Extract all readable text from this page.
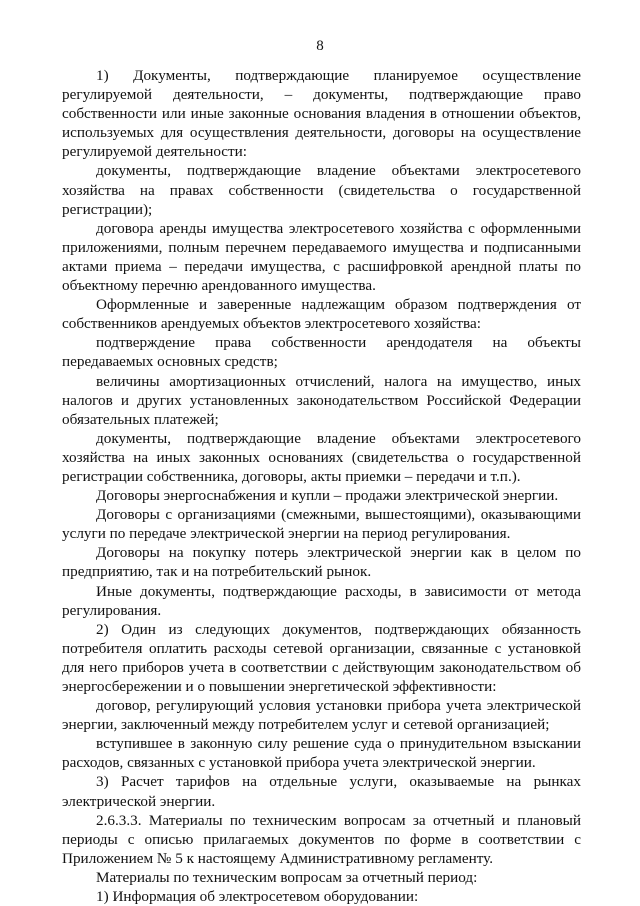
8

1) Документы, подтверждающие планируемое осуществление регулируемой деятельности, – документы, подтверждающие право собственности или иные законные основания владения в отношении объектов, используемых для осуществления деятельности, договоры на осуществление регулируемой деятельности:

документы, подтверждающие владение объектами электросетевого хозяйства на правах собственности (свидетельства о государственной регистрации);

договора аренды имущества электросетевого хозяйства с оформленными приложениями, полным перечнем передаваемого имущества и подписанными актами приема – передачи имущества, с расшифровкой арендной платы по объектному перечню арендованного имущества.

Оформленные и заверенные надлежащим образом подтверждения от собственников арендуемых объектов электросетевого хозяйства:

подтверждение права собственности арендодателя на объекты передаваемых основных средств;

величины амортизационных отчислений, налога на имущество, иных налогов и других установленных законодательством Российской Федерации обязательных платежей;

документы, подтверждающие владение объектами электросетевого хозяйства на иных законных основаниях (свидетельства о государственной регистрации собственника, договоры, акты приемки – передачи и т.п.).

Договоры энергоснабжения и купли – продажи электрической энергии.

Договоры с организациями (смежными, вышестоящими), оказывающими услуги по передаче электрической энергии на период регулирования.

Договоры на покупку потерь электрической энергии как в целом по предприятию, так и на потребительский рынок.

Иные документы, подтверждающие расходы, в зависимости от метода регулирования.

2) Один из следующих документов, подтверждающих обязанность потребителя оплатить расходы сетевой организации, связанные с установкой для него приборов учета в соответствии с действующим законодательством об энергосбережении и о повышении энергетической эффективности:

договор, регулирующий условия установки прибора учета электрической энергии, заключенный между потребителем услуг и сетевой организацией;

вступившее в законную силу решение суда о принудительном взыскании расходов, связанных с установкой прибора учета электрической энергии.

3) Расчет тарифов на отдельные услуги, оказываемые на рынках электрической энергии.

2.6.3.3. Материалы по техническим вопросам за отчетный и плановый периоды с описью прилагаемых документов по форме в соответствии с Приложением № 5 к настоящему Административному регламенту.

Материалы по техническим вопросам за отчетный период:

1) Информация об электросетевом оборудовании:
